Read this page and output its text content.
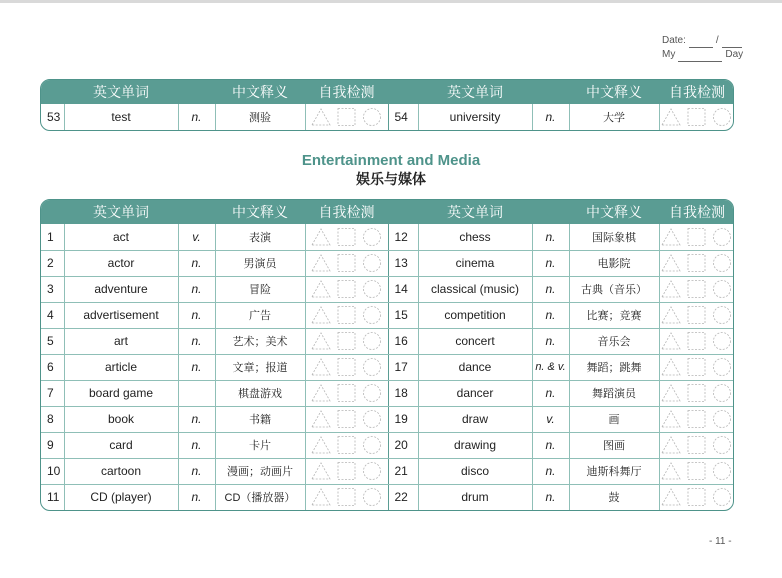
Date:	/
My	Day
	英文单词		中文释义	自我检测		英文单词		中文释义	自我检测
53	test	n.	测验		54	university	n.	大学	
Entertainment and Media
娱乐与媒体
	英文单词		中文释义	自我检测		英文单词		中文释义	自我检测
1	act	v.	表演		12	chess	n.	国际象棋	

2	actor	n.	男演员		13	cinema	n.	电影院	

3	adventure	n.	冒险		14	classical (music)	n.	古典（音乐）	

4	advertisement	n.	广告		15	competition	n.	比赛；竞赛	

5	art	n.	艺术；美术		16	concert	n.	音乐会	

6	article	n.	文章；报道		17	dance	n. & v.	舞蹈；跳舞	

7	board game		棋盘游戏		18	dancer	n.	舞蹈演员	

8	book	n.	书籍		19	draw	v.	画	

9	card	n.	卡片		20	drawing	n.	图画	

10	cartoon	n.	漫画；动画片		21	disco	n.	迪斯科舞厅	

11	CD (player)	n.	CD（播放器）		22	drum	n.	鼓	
- 11 -
